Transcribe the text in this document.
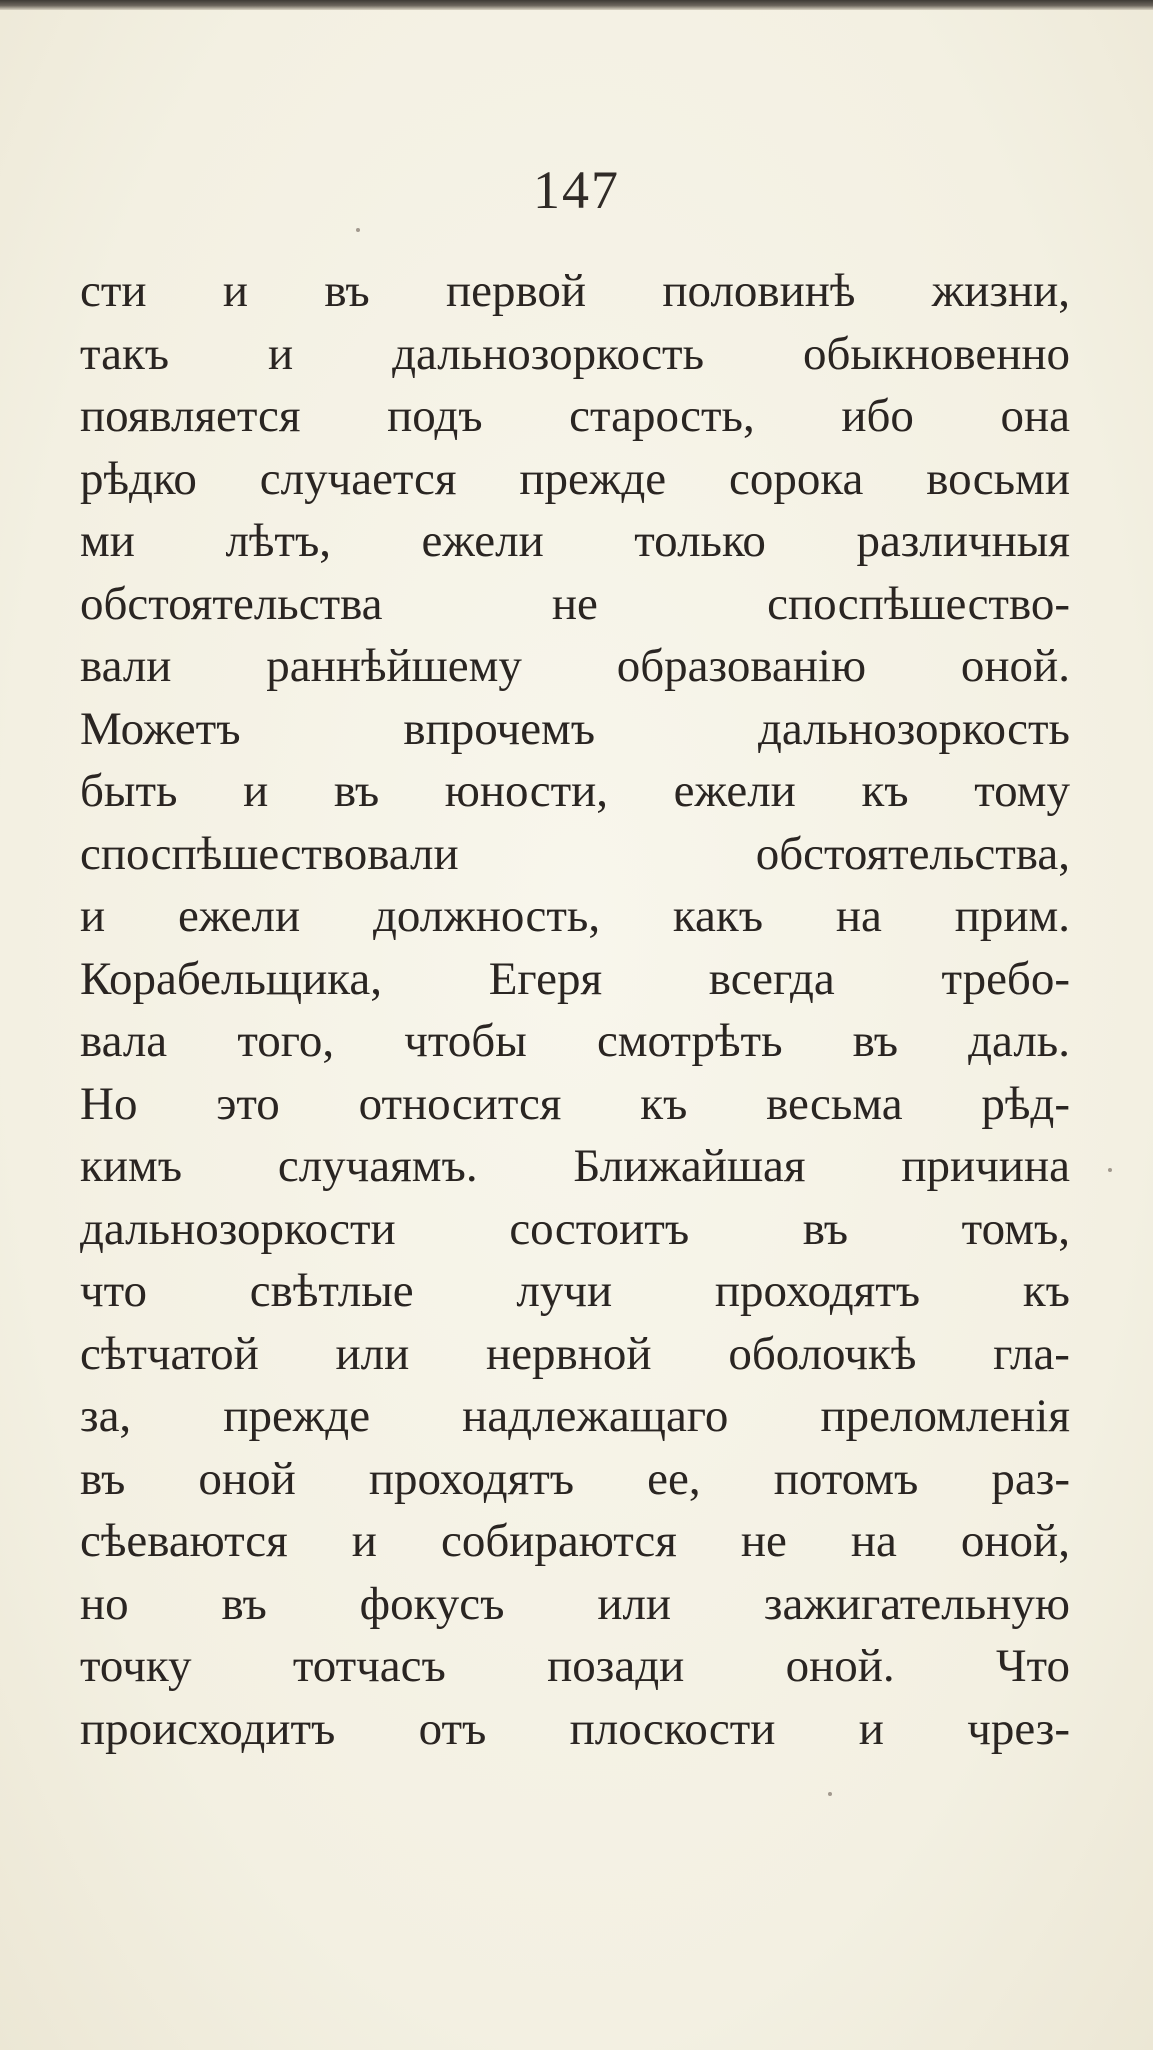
147
сти и въ первой половинѣ жизни,
такъ и дальнозоркость обыкновенно
появляется подъ старость, ибо она
рѣдко случается прежде сорока восьми
ми лѣтъ, ежели только различныя
обстоятельства	не	споспѣшество-
вали раннѣйшему образованію оной.
Можетъ	впрочемъ	дальнозоркость
быть и въ юности, ежели къ тому
споспѣшествовали	обстоятельства,
и ежели должность, какъ на прим.
Корабельщика, Егеря всегда требо-
вала того, чтобы смотрѣть въ даль.
Но это относится къ весьма рѣд-
кимъ случаямъ. Ближайшая причина
дальнозоркости состоитъ въ томъ,
что свѣтлые лучи проходятъ къ
сѣтчатой или нервной оболочкѣ гла-
за, прежде надлежащаго преломленія
въ оной проходятъ ее, потомъ раз-
сѣеваются и собираются не на оной,
но въ фокусъ или зажигательную
точку тотчасъ позади оной. Что
происходитъ отъ плоскости и чрез-
